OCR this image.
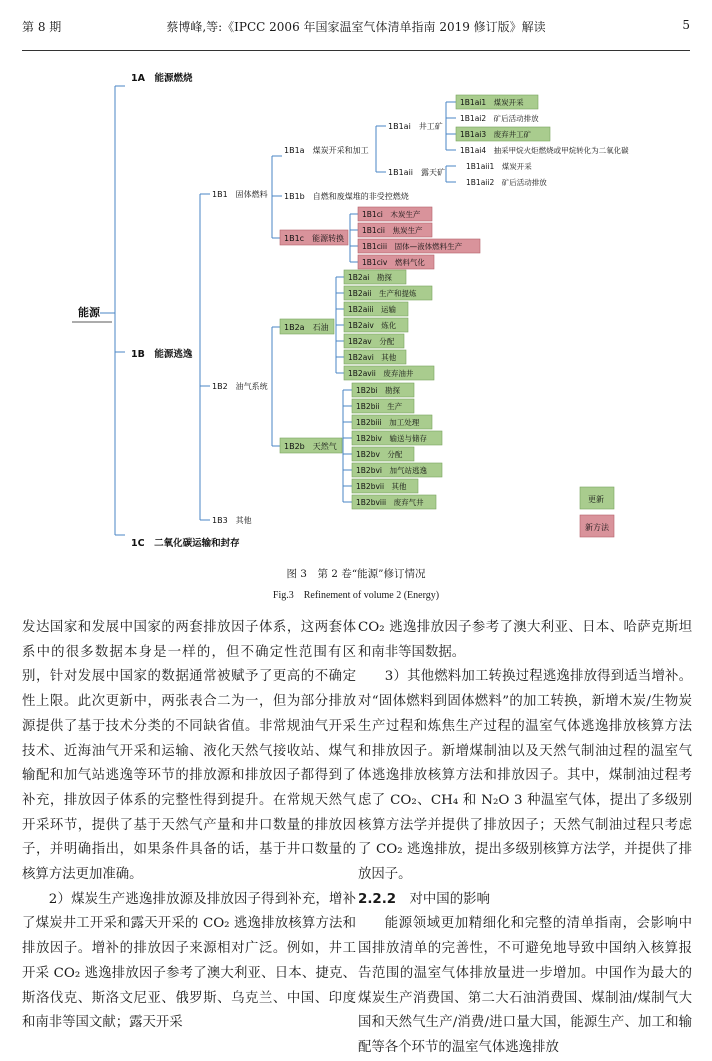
第 8 期	蔡博峰,等:《IPCC 2006 年国家温室气体清单指南 2019 修订版》解读	5
能源
1A　能源燃烧
1B　能源逃逸
1C　二氧化碳运输和封存
1B1　固体燃料
1B2　油气系统
1B3　其他
1B1a　煤炭开采和加工
1B1b　自燃和废煤堆的非受控燃烧
1B1c　能源转换
1B1ai　井工矿
1B1aii　露天矿
1B1ai1　煤炭开采
1B1ai2　矿后活动排放
1B1ai3　废弃井工矿
1B1ai4　抽采甲烷火炬燃烧或甲烷转化为二氧化碳
1B1aii1　煤炭开采
1B1aii2　矿后活动排放
1B1ci　木炭生产
1B1cii　焦炭生产
1B1ciii　固体—液体燃料生产
1B1civ　燃料气化
1B2a　石油
1B2b　天然气
1B2ai　勘探
1B2aii　生产和提炼
1B2aiii　运输
1B2aiv　炼化
1B2av　分配
1B2avi　其他
1B2avii　废弃油井
1B2bi　勘探
1B2bii　生产
1B2biii　加工处理
1B2biv　输送与储存
1B2bv　分配
1B2bvi　加气站逃逸
1B2bvii　其他
1B2bviii　废弃气井	更新
新方法
图 3　第 2 卷“能源”修订情况
Fig.3　Refinement of volume 2 (Energy)

发达国家和发展中国家的两套排放因子体系，这两套体系中的很多数据本身是一样的，但不确定性范围有区别，针对发展中国家的数据通常被赋予了更高的不确定性上限。此次更新中，两张表合二为一，但为部分排放源提供了基于技术分类的不同缺省值。非常规油气开采技术、近海油气开采和运输、液化天然气接收站、煤气输配和加气站逃逸等环节的排放源和排放因子都得到了补充，排放因子体系的完整性得到提升。在常规天然气开采环节，提供了基于天然气产量和井口数量的排放因子，并明确指出，如果条件具备的话，基于井口数量的核算方法更加准确。

2）煤炭生产逃逸排放源及排放因子得到补充，增补了煤炭井工开采和露天开采的 CO₂ 逃逸排放核算方法和排放因子。增补的排放因子来源相对广泛。例如，井工开采 CO₂ 逃逸排放因子参考了澳大利亚、日本、捷克、斯洛伐克、斯洛文尼亚、俄罗斯、乌克兰、中国、印度和南非等国文献；露天开采

CO₂ 逃逸排放因子参考了澳大利亚、日本、哈萨克斯坦和南非等国数据。

3）其他燃料加工转换过程逃逸排放得到适当增补。对“固体燃料到固体燃料”的加工转换，新增木炭/生物炭生产过程和炼焦生产过程的温室气体逃逸排放核算方法和排放因子。新增煤制油以及天然气制油过程的温室气体逃逸排放核算方法和排放因子。其中，煤制油过程考虑了 CO₂、CH₄ 和 N₂O 3 种温室气体，提出了多级别核算方法学并提供了排放因子；天然气制油过程只考虑了 CO₂ 逃逸排放，提出多级别核算方法学，并提供了排放因子。

2.2.2　 对中国的影响

能源领域更加精细化和完整的清单指南，会影响中国排放清单的完善性，不可避免地导致中国纳入核算报告范围的温室气体排放量进一步增加。中国作为最大的煤炭生产消费国、第二大石油消费国、煤制油/煤制气大国和天然气生产/消费/进口量大国，能源生产、加工和输配等各个环节的温室气体逃逸排放
